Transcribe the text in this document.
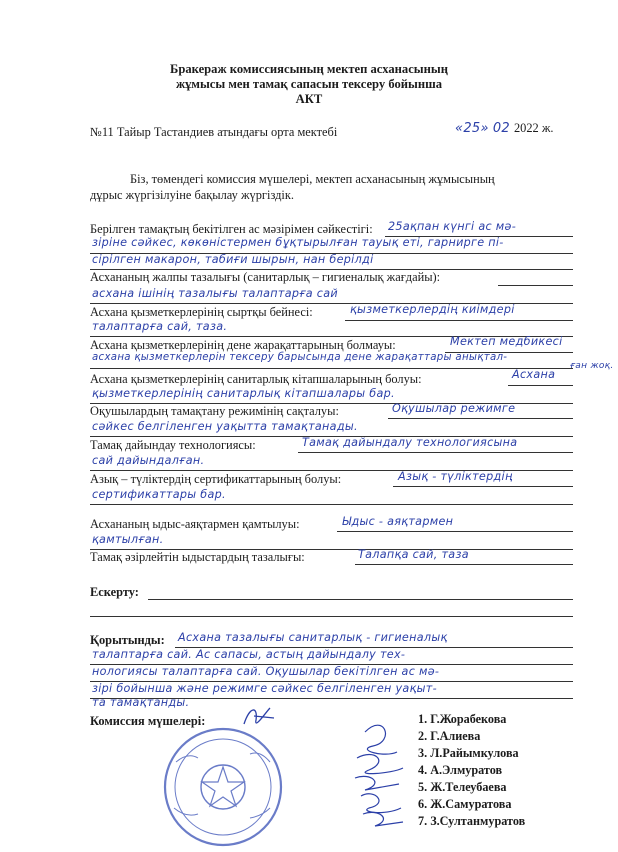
Бракераж комиссиясының мектеп асханасының
жұмысы мен тамақ сапасын тексеру бойынша
АКТ
№11 Тайыр Тастандиев атындағы орта мектебі	«25» 02 2022 ж.
Біз, төмендегі комиссия мүшелері, мектеп асханасының жұмысының
дұрыс жүргізілуіне бақылау жүргіздік.
Берілген тамақтың бекітілген ас мәзірімен сәйкестігі: 25ақпан күнгі ас мә-
зіріне сәйкес, көкөністермен бұқтырылған тауық еті, гарнирге пі-
сірілген макарон, табиғи шырын, нан берілді
Асхананың жалпы тазалығы (санитарлық – гигиеналық жағдайы):
асхана ішінің тазалығы талаптарға сай
Асхана қызметкерлерінің сыртқы бейнесі:	қызметкерлердің киімдері
талаптарға сай, таза.
Асхана қызметкерлерінің дене жарақаттарының болмауы:	Мектеп медбикесі
асхана қызметкерлерін тексеру барысында дене жарақаттары анықтал-
ған жоқ.
Асхана қызметкерлерінің санитарлық кітапшаларының болуы:	Асхана
қызметкерлерінің санитарлық кітапшалары бар.
Оқушылардың тамақтану режимінің сақталуы:	Оқушылар режимге
сәйкес белгіленген уақытта тамақтанады.
Тамақ дайындау технологиясы:	Тамақ дайындалу технологиясына
сай дайындалған.
Азық – түліктердің сертификаттарының болуы:	Азық - түліктердің
сертификаттары бар.
Асхананың ыдыс-аяқтармен қамтылуы:	Ыдыс - аяқтармен
қамтылған.
Тамақ әзірлейтін ыдыстардың тазалығы:	Талапқа сай, таза
Ескерту:
Қорытынды: Асхана тазалығы санитарлық - гигиеналық
талаптарға сай. Ас сапасы, астың дайындалу тех-
нологиясы талаптарға сай. Оқушылар бекітілген ас мә-
зірі бойынша және режимге сәйкес белгіленген уақыт-
та тамақтанды.
Комиссия мүшелері:	1. Г.Жорабекова
2. Г.Алиева
3. Л.Райымкулова
4. А.Элмуратов
5. Ж.Телеубаева
6. Ж.Самуратова
7. З.Султанмуратов
